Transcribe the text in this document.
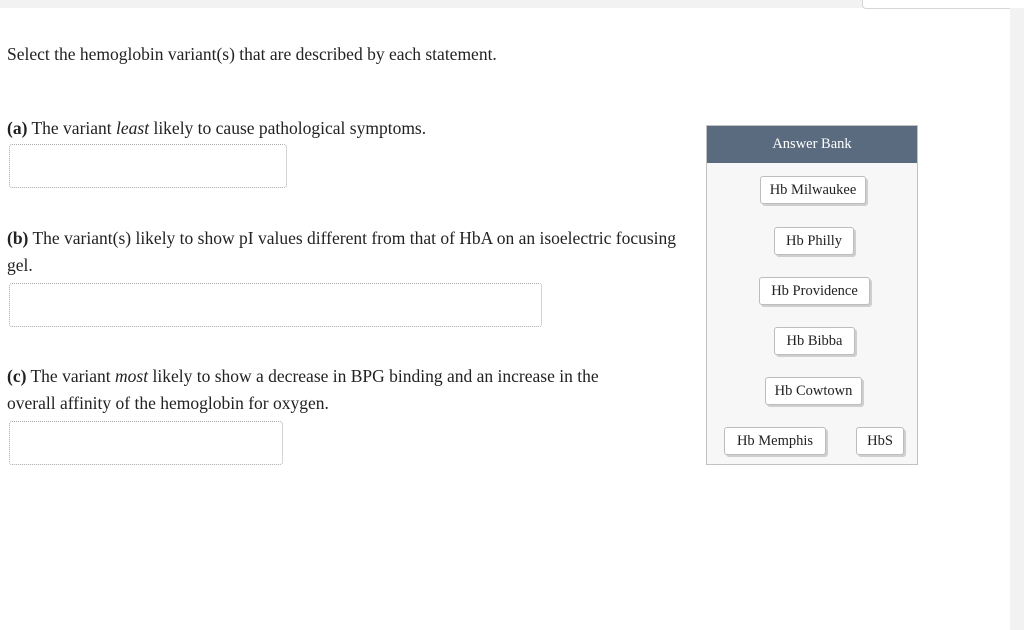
Select the hemoglobin variant(s) that are described by each statement.
(a) The variant least likely to cause pathological symptoms.
(b) The variant(s) likely to show pI values different from that of HbA on an isoelectric focusing gel.
(c) The variant most likely to show a decrease in BPG binding and an increase in the overall affinity of the hemoglobin for oxygen.
Answer Bank
Hb Milwaukee
Hb Philly
Hb Providence
Hb Bibba
Hb Cowtown
Hb Memphis	HbS
